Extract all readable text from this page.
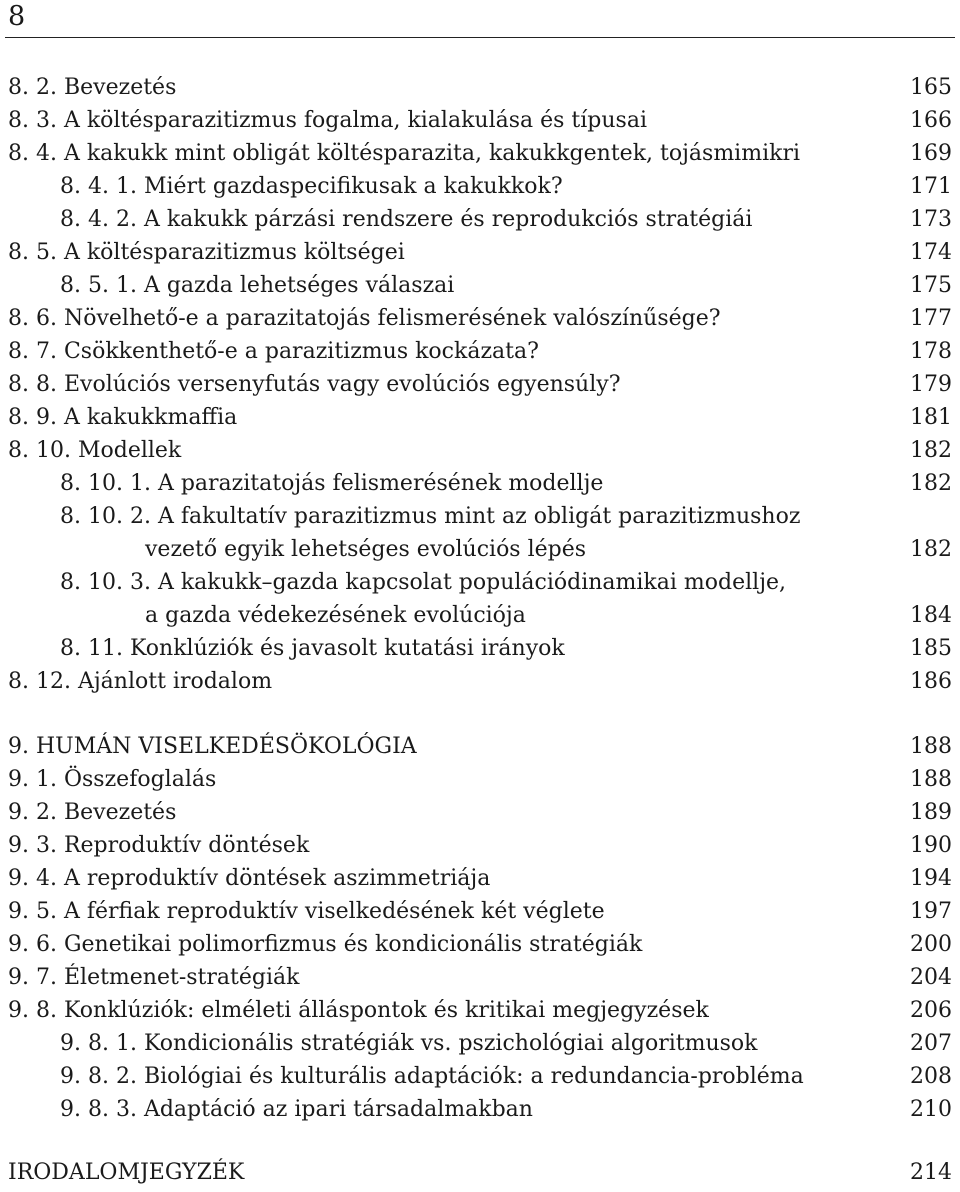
8
8. 2. Bevezetés	165
8. 3. A költésparazitizmus fogalma, kialakulása és típusai	166
8. 4. A kakukk mint obligát költésparazita, kakukkgentek, tojásmimikri	169
8. 4. 1. Miért gazdaspecifikusak a kakukkok?	171
8. 4. 2. A kakukk párzási rendszere és reprodukciós stratégiái	173
8. 5. A költésparazitizmus költségei	174
8. 5. 1. A gazda lehetséges válaszai	175
8. 6. Növelhető-e a parazitatojás felismerésének valószínűsége?	177
8. 7. Csökkenthető-e a parazitizmus kockázata?	178
8. 8. Evolúciós versenyfutás vagy evolúciós egyensúly?	179
8. 9. A kakukkmaffia	181
8. 10. Modellek	182
8. 10. 1. A parazitatojás felismerésének modellje	182
8. 10. 2. A fakultatív parazitizmus mint az obligát parazitizmushoz
vezető egyik lehetséges evolúciós lépés	182
8. 10. 3. A kakukk–gazda kapcsolat populációdinamikai modellje,
a gazda védekezésének evolúciója	184
8. 11. Konklúziók és javasolt kutatási irányok	185
8. 12. Ajánlott irodalom	186
9. HUMÁN VISELKEDÉSÖKOLÓGIA	188
9. 1. Összefoglalás	188
9. 2. Bevezetés	189
9. 3. Reproduktív döntések	190
9. 4. A reproduktív döntések aszimmetriája	194
9. 5. A férfiak reproduktív viselkedésének két véglete	197
9. 6. Genetikai polimorfizmus és kondicionális stratégiák	200
9. 7. Életmenet-stratégiák	204
9. 8. Konklúziók: elméleti álláspontok és kritikai megjegyzések	206
9. 8. 1. Kondicionális stratégiák vs. pszichológiai algoritmusok	207
9. 8. 2. Biológiai és kulturális adaptációk: a redundancia-probléma	208
9. 8. 3. Adaptáció az ipari társadalmakban	210
IRODALOMJEGYZÉK	214
